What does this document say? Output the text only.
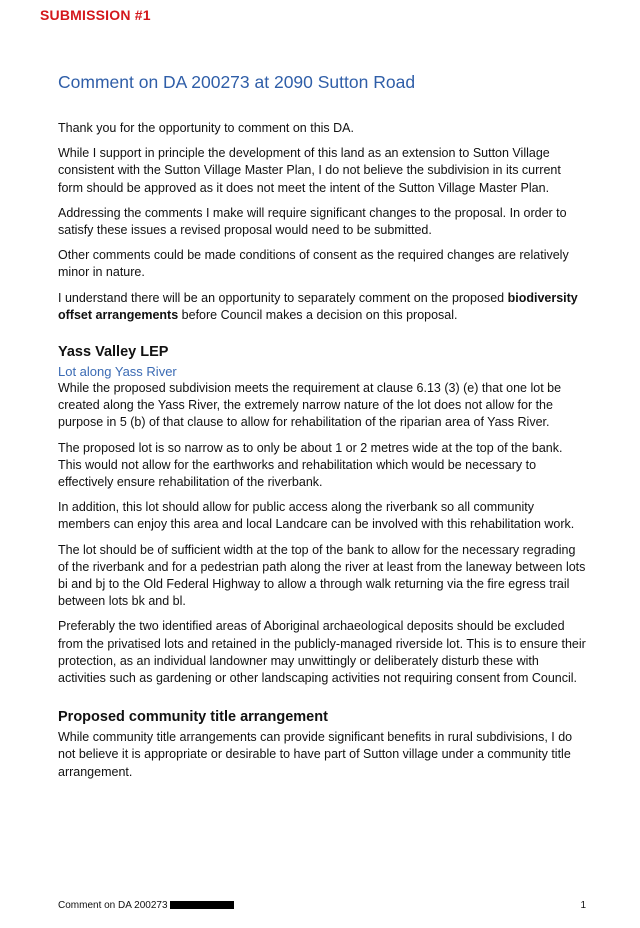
SUBMISSION #1
Comment on DA 200273 at 2090 Sutton Road

Thank you for the opportunity to comment on this DA.

While I support in principle the development of this land as an extension to Sutton Village consistent with the Sutton Village Master Plan, I do not believe the subdivision in its current form should be approved as it does not meet the intent of the Sutton Village Master Plan.

Addressing the comments I make will require significant changes to the proposal. In order to satisfy these issues a revised proposal would need to be submitted.

Other comments could be made conditions of consent as the required changes are relatively minor in nature.

I understand there will be an opportunity to separately comment on the proposed biodiversity offset arrangements before Council makes a decision on this proposal.

Yass Valley LEP
Lot along Yass River

While the proposed subdivision meets the requirement at clause 6.13 (3) (e) that one lot be created along the Yass River, the extremely narrow nature of the lot does not allow for the purpose in 5 (b) of that clause to allow for rehabilitation of the riparian area of Yass River.

The proposed lot is so narrow as to only be about 1 or 2 metres wide at the top of the bank. This would not allow for the earthworks and rehabilitation which would be necessary to effectively ensure rehabilitation of the riverbank.

In addition, this lot should allow for public access along the riverbank so all community members can enjoy this area and local Landcare can be involved with this rehabilitation work.

The lot should be of sufficient width at the top of the bank to allow for the necessary regrading of the riverbank and for a pedestrian path along the river at least from the laneway between lots bi and bj to the Old Federal Highway to allow a through walk returning via the fire egress trail between lots bk and bl.

Preferably the two identified areas of Aboriginal archaeological deposits should be excluded from the privatised lots and retained in the publicly-managed riverside lot. This is to ensure their protection, as an individual landowner may unwittingly or deliberately disturb these with activities such as gardening or other landscaping activities not requiring consent from Council.

Proposed community title arrangement

While community title arrangements can provide significant benefits in rural subdivisions, I do not believe it is appropriate or desirable to have part of Sutton village under a community title arrangement.

Comment on DA 200273	1
